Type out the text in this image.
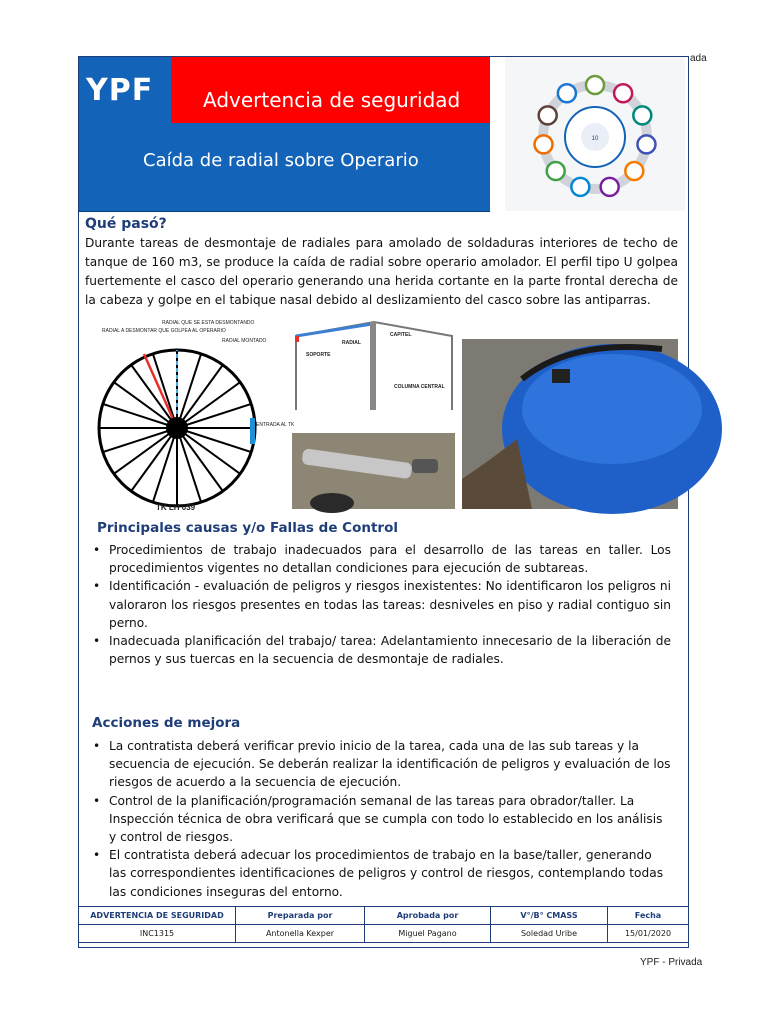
ada
YPF - Privada
YPF Advertencia de seguridad
Caída de radial sobre Operario
10
Qué pasó?
Durante tareas de desmontaje de radiales para amolado de soldaduras interiores de techo de tanque de 160 m3, se produce la caída de radial sobre operario amolador. El perfil tipo U golpea fuertemente el casco del operario generando una herida cortante en la parte frontal derecha de la cabeza y golpe en el tabique nasal debido al deslizamiento del casco sobre las antiparras.
RADIAL A DESMONTAR QUE GOLPEA AL OPERARIO
RADIAL QUE SE ESTA DESMONTANDO
RADIAL MONTADO
ENTRADA AL TK
TK LH 039
SOPORTE
RADIAL
CAPITEL
COLUMNA CENTRAL
Principales causas y/o Fallas de Control
• Procedimientos de trabajo inadecuados para el desarrollo de las tareas en taller. Los procedimientos vigentes no detallan condiciones para ejecución de subtareas.
• Identificación - evaluación de peligros y riesgos inexistentes: No identificaron los peligros ni valoraron los riesgos presentes en todas las tareas: desniveles en piso y radial contiguo sin perno.
• Inadecuada planificación del trabajo/ tarea: Adelantamiento innecesario de la liberación de pernos y sus tuercas en la secuencia de desmontaje de radiales.
Acciones de mejora
• La contratista deberá verificar previo inicio de la tarea, cada una de las sub tareas y la secuencia de ejecución. Se deberán realizar la identificación de peligros y evaluación de los riesgos de acuerdo a la secuencia de ejecución.
• Control de la planificación/programación semanal de las tareas para obrador/taller. La Inspección técnica de obra verificará que se cumpla con todo lo establecido en los análisis y control de riesgos.
• El contratista deberá adecuar los procedimientos de trabajo en la base/taller, generando las correspondientes identificaciones de peligros y control de riesgos, contemplando todas las condiciones inseguras del entorno.
ADVERTENCIA DE SEGURIDAD	Preparada por	Aprobada por	V°/B° CMASS	Fecha
INC1315	Antonella Kexper	Miguel Pagano	Soledad Uribe	15/01/2020
